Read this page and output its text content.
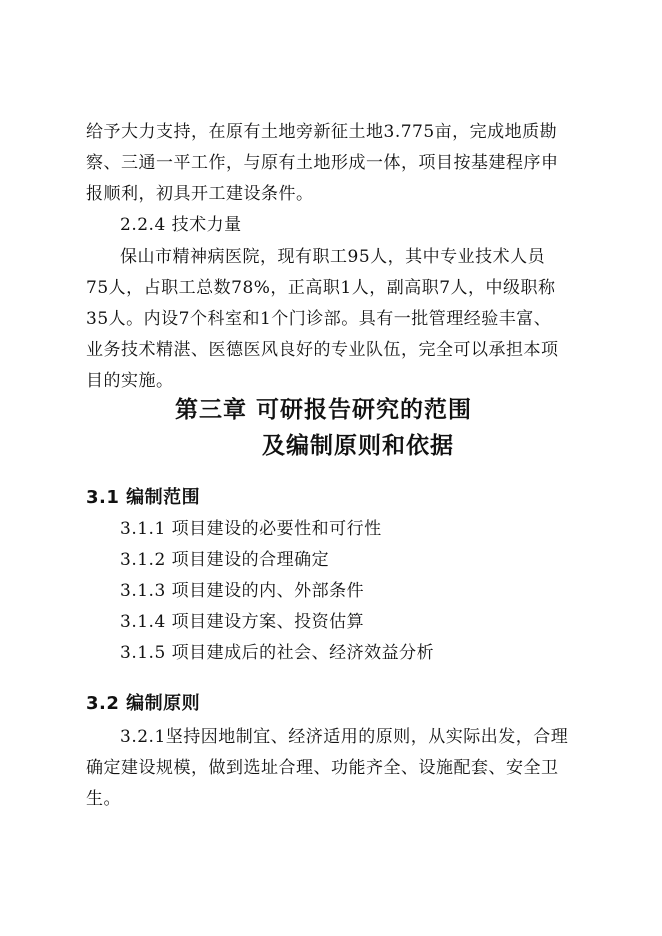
给予大力支持，在原有土地旁新征土地3.775亩，完成地质勘
察、三通一平工作，与原有土地形成一体，项目按基建程序申
报顺利，初具开工建设条件。
2.2.4 技术力量
保山市精神病医院，现有职工95人，其中专业技术人员
75人，占职工总数78%，正高职1人，副高职7人，中级职称
35人。内设7个科室和1个门诊部。具有一批管理经验丰富、
业务技术精湛、医德医风良好的专业队伍，完全可以承担本项
目的实施。
第三章 可研报告研究的范围
及编制原则和依据
3.1 编制范围
3.1.1 项目建设的必要性和可行性
3.1.2 项目建设的合理确定
3.1.3 项目建设的内、外部条件
3.1.4 项目建设方案、投资估算
3.1.5 项目建成后的社会、经济效益分析
3.2 编制原则
3.2.1坚持因地制宜、经济适用的原则，从实际出发，合理
确定建设规模，做到选址合理、功能齐全、设施配套、安全卫
生。
